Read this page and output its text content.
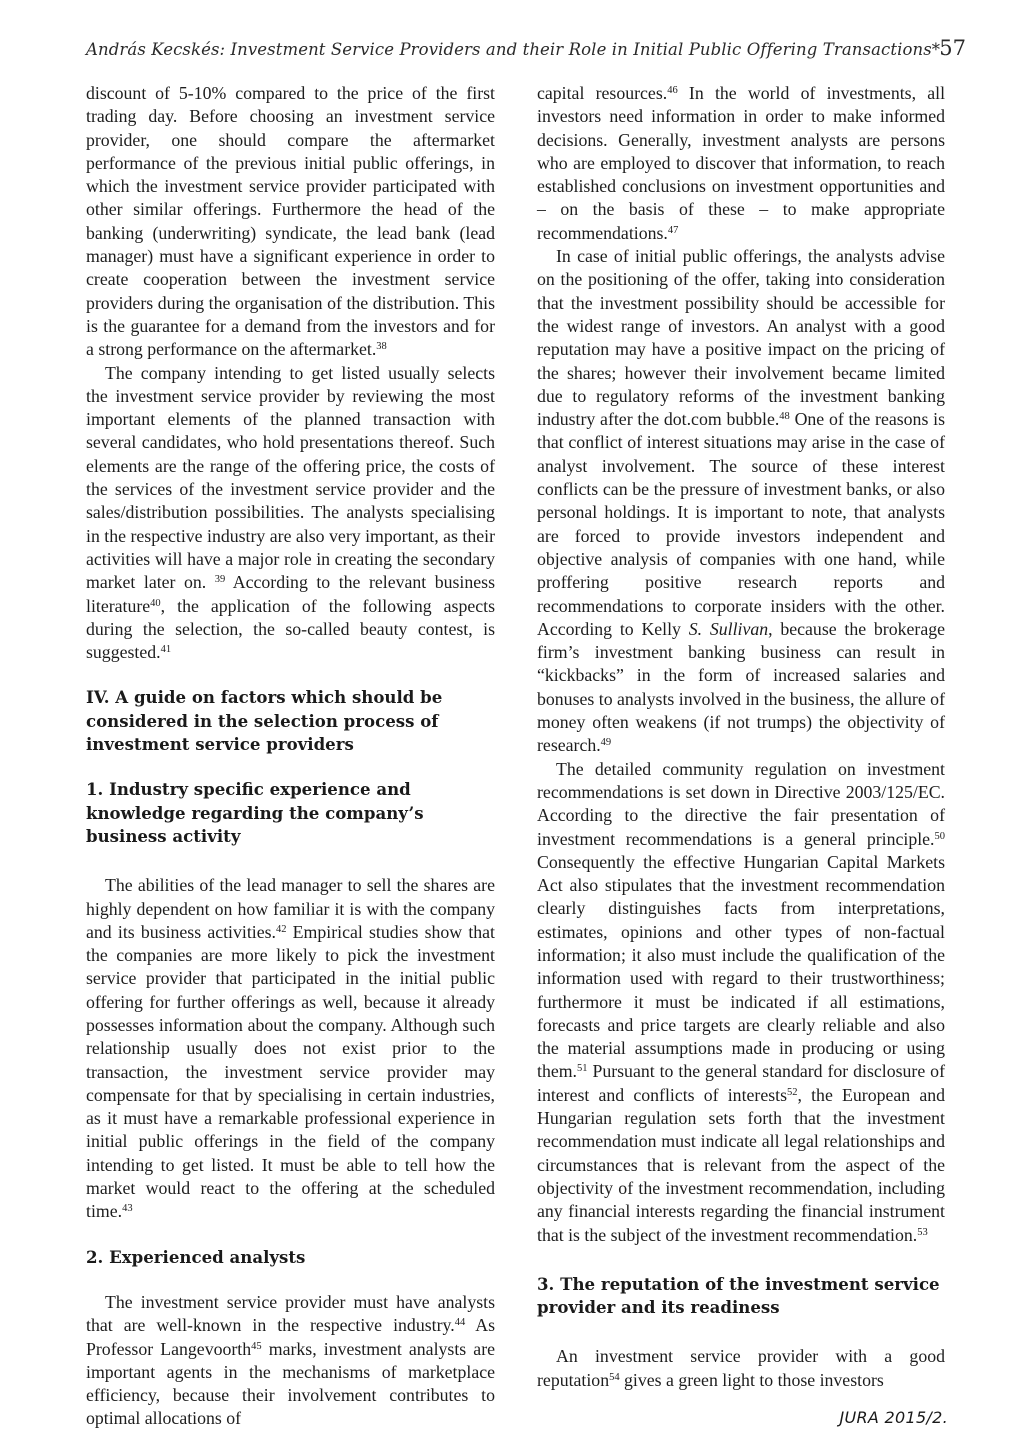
András Kecskés: Investment Service Providers and their Role in Initial Public Offering Transactions* 57

discount of 5-10% compared to the price of the first trading day. Before choosing an investment service provider, one should compare the aftermarket performance of the previous initial public offerings, in which the investment service provider participated with other similar offerings. Furthermore the head of the banking (underwriting) syndicate, the lead bank (lead manager) must have a significant experience in order to create cooperation between the investment service providers during the organisation of the distribution. This is the guarantee for a demand from the investors and for a strong performance on the aftermarket.$^{38}$

The company intending to get listed usually selects the investment service provider by reviewing the most important elements of the planned transaction with several candidates, who hold presentations thereof. Such elements are the range of the offering price, the costs of the services of the investment service provider and the sales/distribution possibilities. The analysts specialising in the respective industry are also very important, as their activities will have a major role in creating the secondary market later on. $^{39}$ According to the relevant business literature$^{40}$, the application of the following aspects during the selection, the so-called beauty contest, is suggested.$^{41}$

IV. A guide on factors which should be considered in the selection process of investment service providers
1. Industry specific experience and knowledge regarding the company’s business activity

The abilities of the lead manager to sell the shares are highly dependent on how familiar it is with the company and its business activities.$^{42}$ Empirical studies show that the companies are more likely to pick the investment service provider that participated in the initial public offering for further offerings as well, because it already possesses information about the company. Although such relationship usually does not exist prior to the transaction, the investment service provider may compensate for that by specialising in certain industries, as it must have a remarkable professional experience in initial public offerings in the field of the company intending to get listed. It must be able to tell how the market would react to the offering at the scheduled time.$^{43}$

2. Experienced analysts

The investment service provider must have analysts that are well-known in the respective industry.$^{44}$ As Professor Langevoorth$^{45}$ marks, investment analysts are important agents in the mechanisms of marketplace efficiency, because their involvement contributes to optimal allocations of

capital resources.$^{46}$ In the world of investments, all investors need information in order to make informed decisions. Generally, investment analysts are persons who are employed to discover that information, to reach established conclusions on investment opportunities and – on the basis of these – to make appropriate recommendations.$^{47}$

In case of initial public offerings, the analysts advise on the positioning of the offer, taking into consideration that the investment possibility should be accessible for the widest range of investors. An analyst with a good reputation may have a positive impact on the pricing of the shares; however their involvement became limited due to regulatory reforms of the investment banking industry after the dot.com bubble.$^{48}$ One of the reasons is that conflict of interest situations may arise in the case of analyst involvement. The source of these interest conflicts can be the pressure of investment banks, or also personal holdings. It is important to note, that analysts are forced to provide investors independent and objective analysis of companies with one hand, while proffering positive research reports and recommendations to corporate insiders with the other. According to Kelly S. Sullivan, because the brokerage firm’s investment banking business can result in “kickbacks” in the form of increased salaries and bonuses to analysts involved in the business, the allure of money often weakens (if not trumps) the objectivity of research.$^{49}$

The detailed community regulation on investment recommendations is set down in Directive 2003/125/EC. According to the directive the fair presentation of investment recommendations is a general principle.$^{50}$ Consequently the effective Hungarian Capital Markets Act also stipulates that the investment recommendation clearly distinguishes facts from interpretations, estimates, opinions and other types of non-factual information; it also must include the qualification of the information used with regard to their trustworthiness; furthermore it must be indicated if all estimations, forecasts and price targets are clearly reliable and also the material assumptions made in producing or using them.$^{51}$ Pursuant to the general standard for disclosure of interest and conflicts of interests$^{52}$, the European and Hungarian regulation sets forth that the investment recommendation must indicate all legal relationships and circumstances that is relevant from the aspect of the objectivity of the investment recommendation, including any financial interests regarding the financial instrument that is the subject of the investment recommendation.$^{53}$

3. The reputation of the investment service provider and its readiness

An investment service provider with a good reputation$^{54}$ gives a green light to those investors

JURA 2015/2.
